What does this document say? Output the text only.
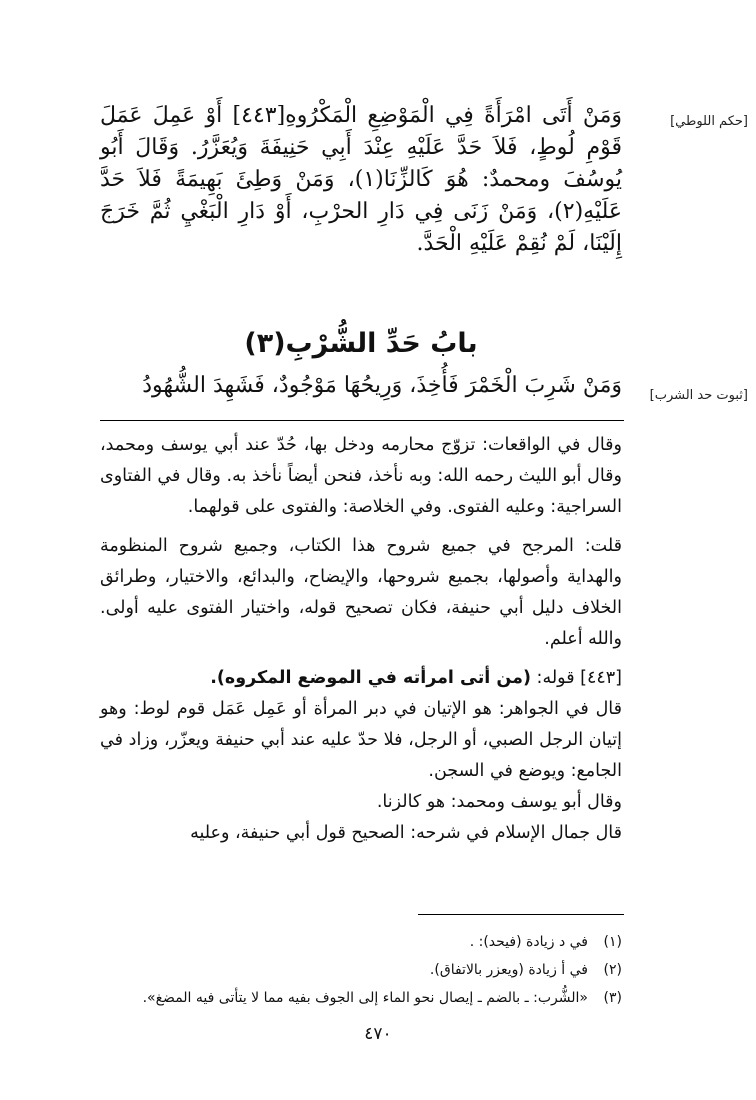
[حكم اللوطي]

وَمَنْ أَتَى امْرَأَةً فِي الْمَوْضِعِ الْمَكْرُوهِ[٤٤٣] أَوْ عَمِلَ عَمَلَ قَوْمِ لُوطٍ، فَلاَ حَدَّ عَلَيْهِ عِنْدَ أَبِي حَنِيفَةَ وَيُعَزَّرُ. وَقَالَ أَبُو يُوسُفَ ومحمدٌ: هُوَ كَالزِّنَا(١)، وَمَنْ وَطِئَ بَهِيمَةً فَلاَ حَدَّ عَلَيْهِ(٢)، وَمَنْ زَنَى فِي دَارِ الحرْبِ، أَوْ دَارِ الْبَغْيِ ثُمَّ خَرَجَ إِلَيْنَا، لَمْ نُقِمْ عَلَيْهِ الْحَدَّ.

بابُ حَدِّ الشُّرْبِ(٣)
[ثبوت حد الشرب]

وَمَنْ شَرِبَ الْخَمْرَ فَأُخِذَ، وَرِيحُهَا مَوْجُودٌ، فَشَهِدَ الشُّهُودُ

وقال في الواقعات: تزوّج محارمه ودخل بها، حُدّ عند أبي يوسف ومحمد، وقال أبو الليث رحمه الله: وبه نأخذ، فنحن أيضاً نأخذ به. وقال في الفتاوى السراجية: وعليه الفتوى. وفي الخلاصة: والفتوى على قولهما.

قلت: المرجح في جميع شروح هذا الكتاب، وجميع شروح المنظومة والهداية وأصولها، بجميع شروحها، والإيضاح، والبدائع، والاختيار، وطرائق الخلاف دليل أبي حنيفة، فكان تصحيح قوله، واختيار الفتوى عليه أولى. والله أعلم.

[٤٤٣] قوله: (من أتى امرأته في الموضع المكروه).

قال في الجواهر: هو الإتيان في دبر المرأة أو عَمِل عَمَل قوم لوط: وهو إتيان الرجل الصبي، أو الرجل، فلا حدّ عليه عند أبي حنيفة ويعزّر، وزاد في الجامع: ويوضع في السجن.

وقال أبو يوسف ومحمد: هو كالزنا.

قال جمال الإسلام في شرحه: الصحيح قول أبي حنيفة، وعليه

(١)
في د زيادة (فيحد): .
(٢)
في أ زيادة (ويعزر بالاتفاق).
(٣)
«الشُّرب: ـ بالضم ـ إيصال نحو الماء إلى الجوف بفيه مما لا يتأتى فيه المضغ».
٤٧٠
